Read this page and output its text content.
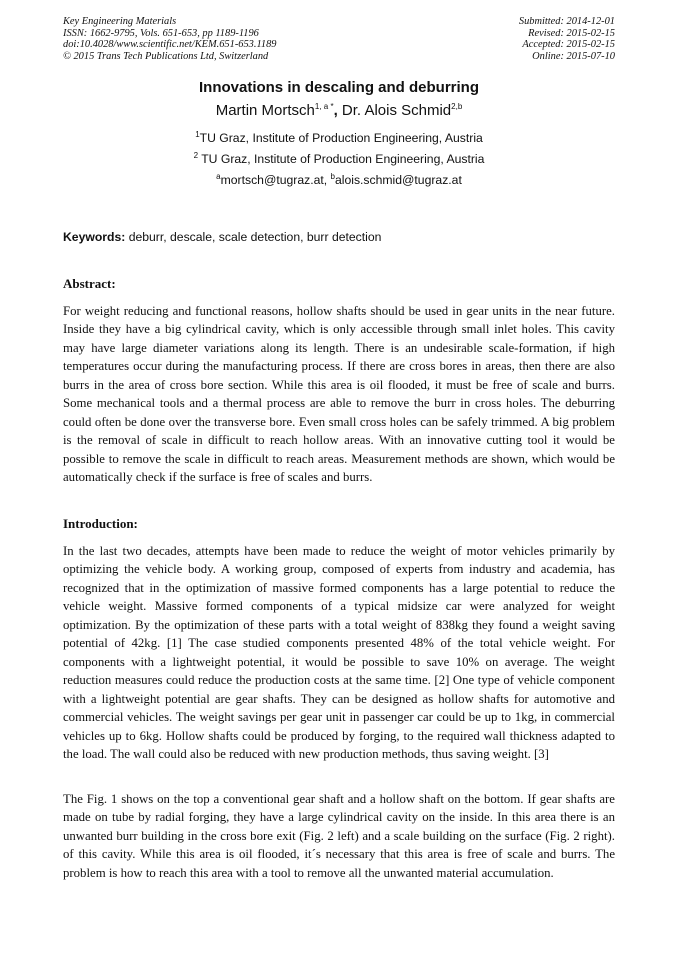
Key Engineering Materials
ISSN: 1662-9795, Vols. 651-653, pp 1189-1196
doi:10.4028/www.scientific.net/KEM.651-653.1189
© 2015 Trans Tech Publications Ltd, Switzerland
Submitted: 2014-12-01
Revised: 2015-02-15
Accepted: 2015-02-15
Online: 2015-07-10
Innovations in descaling and deburring
Martin Mortsch$^{1, a *}$, Dr. Alois Schmid$^{2,b}$
$^1$TU Graz, Institute of Production Engineering, Austria
$^2$ TU Graz, Institute of Production Engineering, Austria
$^a$mortsch@tugraz.at, $^b$alois.schmid@tugraz.at
Keywords: deburr, descale, scale detection, burr detection
Abstract:
For weight reducing and functional reasons, hollow shafts should be used in gear units in the near future. Inside they have a big cylindrical cavity, which is only accessible through small inlet holes. This cavity may have large diameter variations along its length. There is an undesirable scale-formation, if high temperatures occur during the manufacturing process. If there are cross bores in areas, then there are also burrs in the area of cross bore section. While this area is oil flooded, it must be free of scale and burrs. Some mechanical tools and a thermal process are able to remove the burr in cross holes. The deburring could often be done over the transverse bore. Even small cross holes can be safely trimmed. A big problem is the removal of scale in difficult to reach hollow areas. With an innovative cutting tool it would be possible to remove the scale in difficult to reach areas. Measurement methods are shown, which would be automatically check if the surface is free of scales and burrs.
Introduction:
In the last two decades, attempts have been made to reduce the weight of motor vehicles primarily by optimizing the vehicle body. A working group, composed of experts from industry and academia, has recognized that in the optimization of massive formed components has a large potential to reduce the vehicle weight. Massive formed components of a typical midsize car were analyzed for weight optimization. By the optimization of these parts with a total weight of 838kg they found a weight saving potential of 42kg. [1] The case studied components presented 48% of the total vehicle weight. For components with a lightweight potential, it would be possible to save 10% on average. The weight reduction measures could reduce the production costs at the same time. [2] One type of vehicle component with a lightweight potential are gear shafts. They can be designed as hollow shafts for automotive and commercial vehicles. The weight savings per gear unit in passenger car could be up to 1kg, in commercial vehicles up to 6kg. Hollow shafts could be produced by forging, to the required wall thickness adapted to the load. The wall could also be reduced with new production methods, thus saving weight. [3]
The Fig. 1 shows on the top a conventional gear shaft and a hollow shaft on the bottom. If gear shafts are made on tube by radial forging, they have a large cylindrical cavity on the inside. In this area there is an unwanted burr building in the cross bore exit (Fig. 2 left) and a scale building on the surface (Fig. 2 right). of this cavity. While this area is oil flooded, it´s necessary that this area is free of scale and burrs. The problem is how to reach this area with a tool to remove all the unwanted material accumulation.
